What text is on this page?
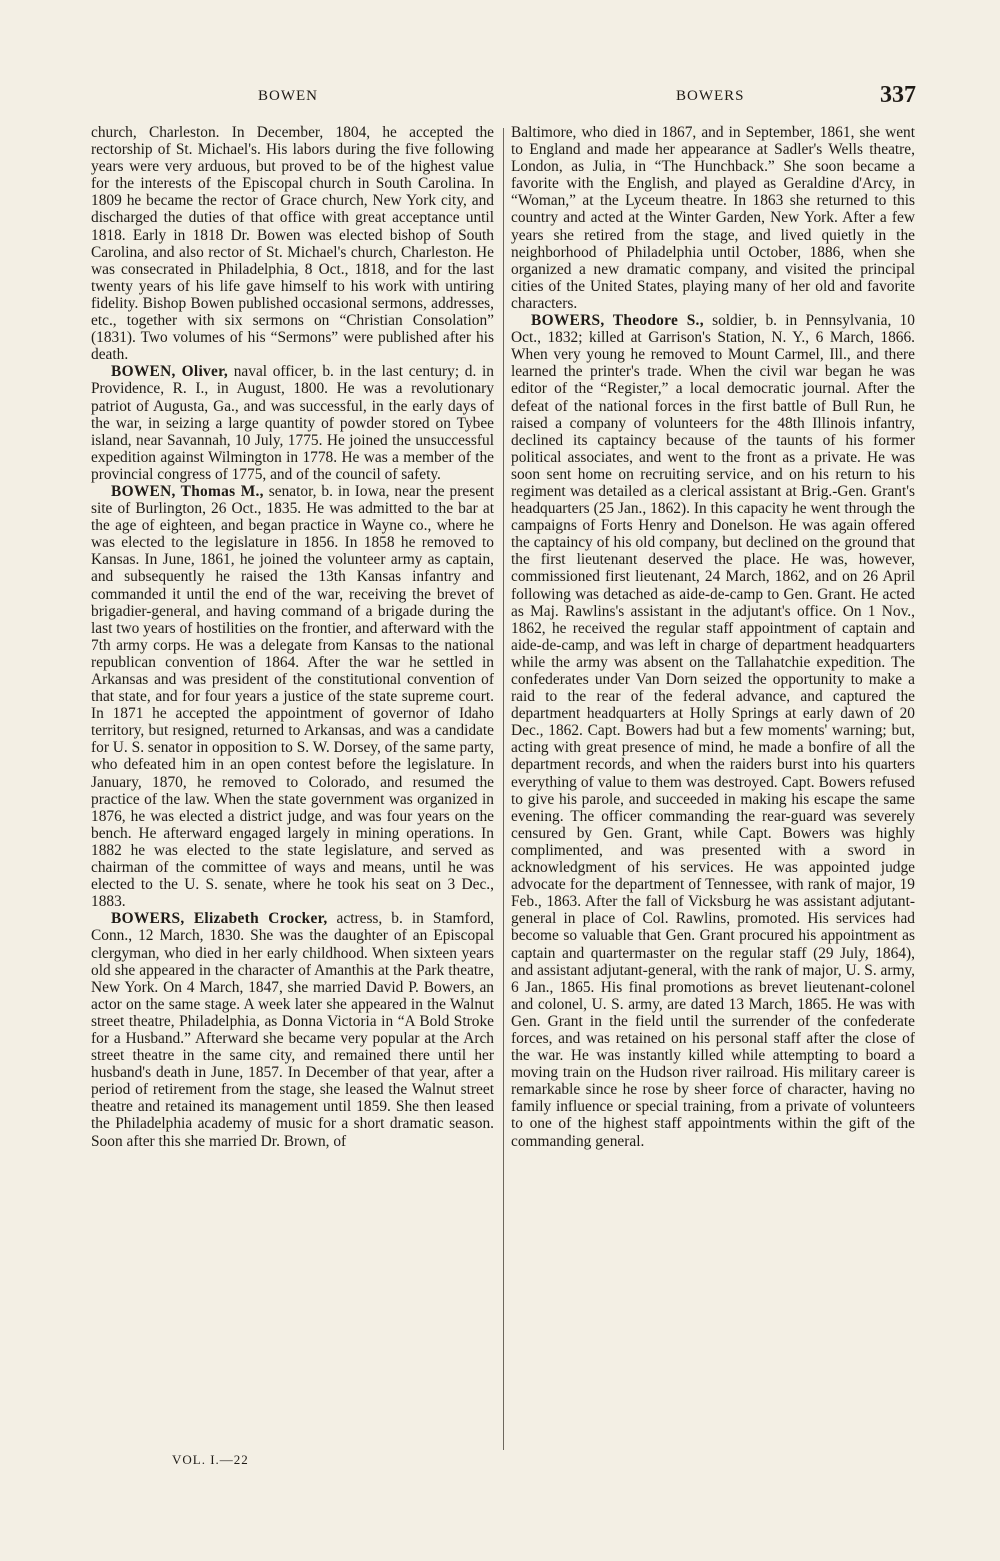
BOWEN	BOWERS	337

church, Charleston. In December, 1804, he accepted the rectorship of St. Michael's. His labors during the five following years were very arduous, but proved to be of the highest value for the interests of the Episcopal church in South Carolina. In 1809 he became the rector of Grace church, New York city, and discharged the duties of that office with great acceptance until 1818. Early in 1818 Dr. Bowen was elected bishop of South Carolina, and also rector of St. Michael's church, Charleston. He was consecrated in Philadelphia, 8 Oct., 1818, and for the last twenty years of his life gave himself to his work with untiring fidelity. Bishop Bowen published occasional sermons, addresses, etc., together with six sermons on “Christian Consolation” (1831). Two volumes of his “Sermons” were published after his death.

BOWEN, Oliver, naval officer, b. in the last century; d. in Providence, R. I., in August, 1800. He was a revolutionary patriot of Augusta, Ga., and was successful, in the early days of the war, in seizing a large quantity of powder stored on Tybee island, near Savannah, 10 July, 1775. He joined the unsuccessful expedition against Wilmington in 1778. He was a member of the provincial congress of 1775, and of the council of safety.

BOWEN, Thomas M., senator, b. in Iowa, near the present site of Burlington, 26 Oct., 1835. He was admitted to the bar at the age of eighteen, and began practice in Wayne co., where he was elected to the legislature in 1856. In 1858 he removed to Kansas. In June, 1861, he joined the volunteer army as captain, and subsequently he raised the 13th Kansas infantry and commanded it until the end of the war, receiving the brevet of brigadier-general, and having command of a brigade during the last two years of hostilities on the frontier, and afterward with the 7th army corps. He was a delegate from Kansas to the national republican convention of 1864. After the war he settled in Arkansas and was president of the constitutional convention of that state, and for four years a justice of the state supreme court. In 1871 he accepted the appointment of governor of Idaho territory, but resigned, returned to Arkansas, and was a candidate for U. S. senator in opposition to S. W. Dorsey, of the same party, who defeated him in an open contest before the legislature. In January, 1870, he removed to Colorado, and resumed the practice of the law. When the state government was organized in 1876, he was elected a district judge, and was four years on the bench. He afterward engaged largely in mining operations. In 1882 he was elected to the state legislature, and served as chairman of the committee of ways and means, until he was elected to the U. S. senate, where he took his seat on 3 Dec., 1883.

BOWERS, Elizabeth Crocker, actress, b. in Stamford, Conn., 12 March, 1830. She was the daughter of an Episcopal clergyman, who died in her early childhood. When sixteen years old she appeared in the character of Amanthis at the Park theatre, New York. On 4 March, 1847, she married David P. Bowers, an actor on the same stage. A week later she appeared in the Walnut street theatre, Philadelphia, as Donna Victoria in “A Bold Stroke for a Husband.” Afterward she became very popular at the Arch street theatre in the same city, and remained there until her husband's death in June, 1857. In December of that year, after a period of retirement from the stage, she leased the Walnut street theatre and retained its management until 1859. She then leased the Philadelphia academy of music for a short dramatic season. Soon after this she married Dr. Brown, of

Baltimore, who died in 1867, and in September, 1861, she went to England and made her appearance at Sadler's Wells theatre, London, as Julia, in “The Hunchback.” She soon became a favorite with the English, and played as Geraldine d'Arcy, in “Woman,” at the Lyceum theatre. In 1863 she returned to this country and acted at the Winter Garden, New York. After a few years she retired from the stage, and lived quietly in the neighborhood of Philadelphia until October, 1886, when she organized a new dramatic company, and visited the principal cities of the United States, playing many of her old and favorite characters.

BOWERS, Theodore S., soldier, b. in Pennsylvania, 10 Oct., 1832; killed at Garrison's Station, N. Y., 6 March, 1866. When very young he removed to Mount Carmel, Ill., and there learned the printer's trade. When the civil war began he was editor of the “Register,” a local democratic journal. After the defeat of the national forces in the first battle of Bull Run, he raised a company of volunteers for the 48th Illinois infantry, declined its captaincy because of the taunts of his former political associates, and went to the front as a private. He was soon sent home on recruiting service, and on his return to his regiment was detailed as a clerical assistant at Brig.-Gen. Grant's headquarters (25 Jan., 1862). In this capacity he went through the campaigns of Forts Henry and Donelson. He was again offered the captaincy of his old company, but declined on the ground that the first lieutenant deserved the place. He was, however, commissioned first lieutenant, 24 March, 1862, and on 26 April following was detached as aide-de-camp to Gen. Grant. He acted as Maj. Rawlins's assistant in the adjutant's office. On 1 Nov., 1862, he received the regular staff appointment of captain and aide-de-camp, and was left in charge of department headquarters while the army was absent on the Tallahatchie expedition. The confederates under Van Dorn seized the opportunity to make a raid to the rear of the federal advance, and captured the department headquarters at Holly Springs at early dawn of 20 Dec., 1862. Capt. Bowers had but a few moments' warning; but, acting with great presence of mind, he made a bonfire of all the department records, and when the raiders burst into his quarters everything of value to them was destroyed. Capt. Bowers refused to give his parole, and succeeded in making his escape the same evening. The officer commanding the rear-guard was severely censured by Gen. Grant, while Capt. Bowers was highly complimented, and was presented with a sword in acknowledgment of his services. He was appointed judge advocate for the department of Tennessee, with rank of major, 19 Feb., 1863. After the fall of Vicksburg he was assistant adjutant-general in place of Col. Rawlins, promoted. His services had become so valuable that Gen. Grant procured his appointment as captain and quartermaster on the regular staff (29 July, 1864), and assistant adjutant-general, with the rank of major, U. S. army, 6 Jan., 1865. His final promotions as brevet lieutenant-colonel and colonel, U. S. army, are dated 13 March, 1865. He was with Gen. Grant in the field until the surrender of the confederate forces, and was retained on his personal staff after the close of the war. He was instantly killed while attempting to board a moving train on the Hudson river railroad. His military career is remarkable since he rose by sheer force of character, having no family influence or special training, from a private of volunteers to one of the highest staff appointments within the gift of the commanding general.

VOL. I.—22
